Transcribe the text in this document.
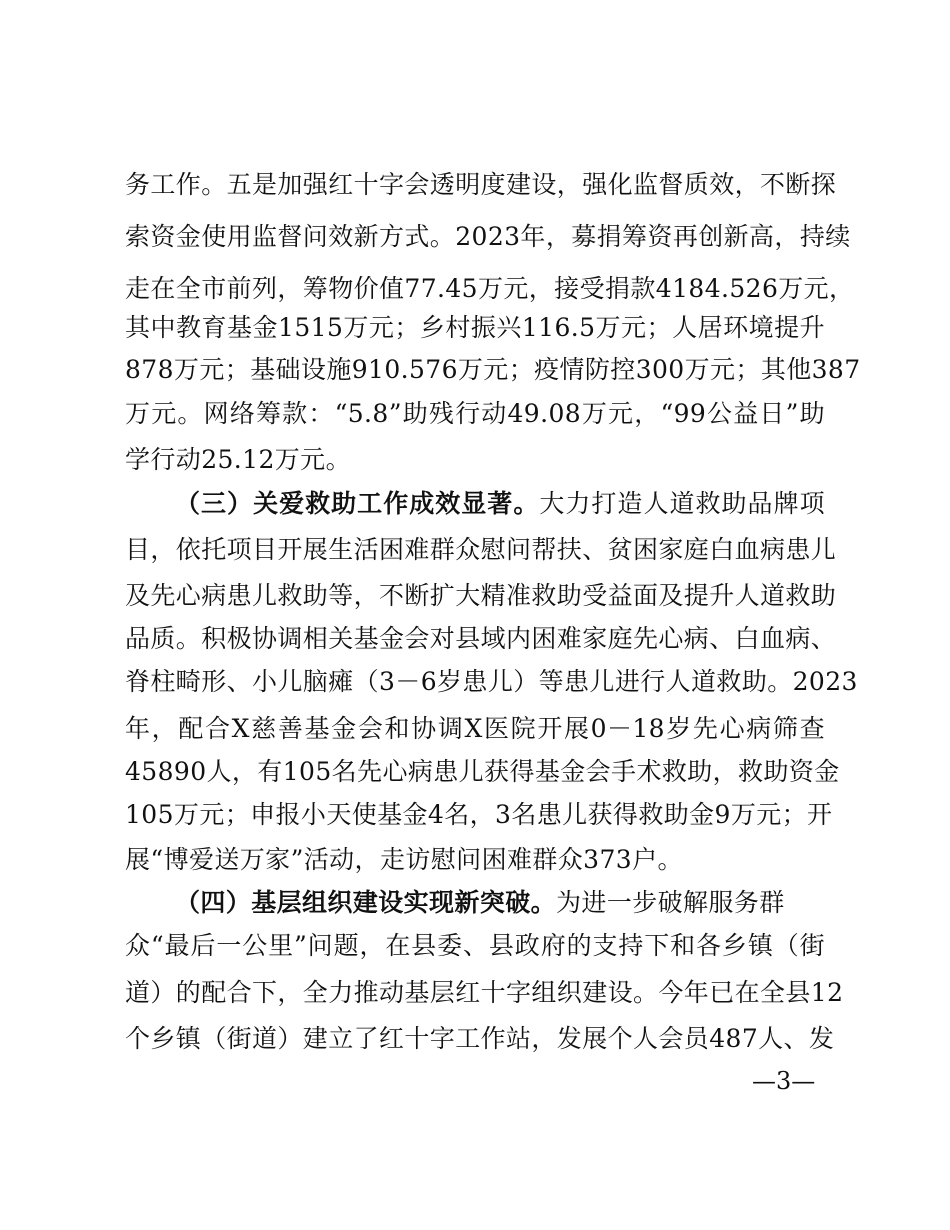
务工作。五是加强红十字会透明度建设，强化监督质效，不断探
索资金使用监督问效新方式。2023年，募捐筹资再创新高，持续
走在全市前列，筹物价值77.45万元，接受捐款4184.526万元，
其中教育基金1515万元；乡村振兴116.5万元；人居环境提升
878万元；基础设施910.576万元；疫情防控300万元；其他387
万元。网络筹款：“5.8”助残行动49.08万元，“99公益日”助
学行动25.12万元。
（三）关爱救助工作成效显著。大力打造人道救助品牌项
目，依托项目开展生活困难群众慰问帮扶、贫困家庭白血病患儿
及先心病患儿救助等，不断扩大精准救助受益面及提升人道救助
品质。积极协调相关基金会对县域内困难家庭先心病、白血病、
脊柱畸形、小儿脑瘫（3－6岁患儿）等患儿进行人道救助。2023
年，配合X慈善基金会和协调X医院开展0－18岁先心病筛查
45890人，有105名先心病患儿获得基金会手术救助，救助资金
105万元；申报小天使基金4名，3名患儿获得救助金9万元；开
展“博爱送万家”活动，走访慰问困难群众373户。
（四）基层组织建设实现新突破。为进一步破解服务群
众“最后一公里”问题，在县委、县政府的支持下和各乡镇（街
道）的配合下，全力推动基层红十字组织建设。今年已在全县12
个乡镇（街道）建立了红十字工作站，发展个人会员487人、发
—3—
